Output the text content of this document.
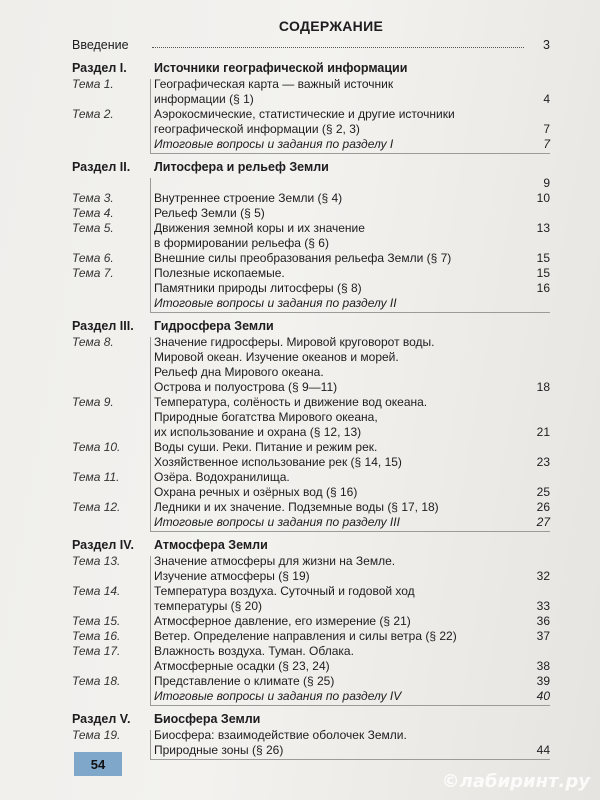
СОДЕРЖАНИЕ
Введение	3
Раздел I.	Источники географической информации
Тема 1.	Географическая карта — важный источник
информации (§ 1)	4
Тема 2.	Аэрокосмические, статистические и другие источники
географической информации (§ 2, 3)	7
Итоговые вопросы и задания по разделу I	7
Раздел II.	Литосфера и рельеф Земли
9
Тема 3.	Внутреннее строение Земли (§ 4)	10
Тема 4.	Рельеф Земли (§ 5)
Тема 5.	Движения земной коры и их значение	13
в формировании рельефа (§ 6)
Тема 6.	Внешние силы преобразования рельефа Земли (§ 7)	15
Тема 7.	Полезные ископаемые.	15
Памятники природы литосферы (§ 8)	16
Итоговые вопросы и задания по разделу II
Раздел III.	Гидросфера Земли
Тема 8.	Значение гидросферы. Мировой круговорот воды.
Мировой океан. Изучение океанов и морей.
Рельеф дна Мирового океана.
Острова и полуострова (§ 9—11)	18
Тема 9.	Температура, солёность и движение вод океана.
Природные богатства Мирового океана,
их использование и охрана (§ 12, 13)	21
Тема 10.	Воды суши. Реки. Питание и режим рек.
Хозяйственное использование рек (§ 14, 15)	23
Тема 11.	Озёра. Водохранилища.
Охрана речных и озёрных вод (§ 16)	25
Тема 12.	Ледники и их значение. Подземные воды (§ 17, 18)	26
Итоговые вопросы и задания по разделу III	27
Раздел IV.	Атмосфера Земли
Тема 13.	Значение атмосферы для жизни на Земле.
Изучение атмосферы (§ 19)	32
Тема 14.	Температура воздуха. Суточный и годовой ход
температуры (§ 20)	33
Тема 15.	Атмосферное давление, его измерение (§ 21)	36
Тема 16.	Ветер. Определение направления и силы ветра (§ 22)	37
Тема 17.	Влажность воздуха. Туман. Облака.
Атмосферные осадки (§ 23, 24)	38
Тема 18.	Представление о климате (§ 25)	39
Итоговые вопросы и задания по разделу IV	40
Раздел V.	Биосфера Земли
Тема 19.	Биосфера: взаимодействие оболочек Земли.
Природные зоны (§ 26)	44
54
©лабиринт.ру
